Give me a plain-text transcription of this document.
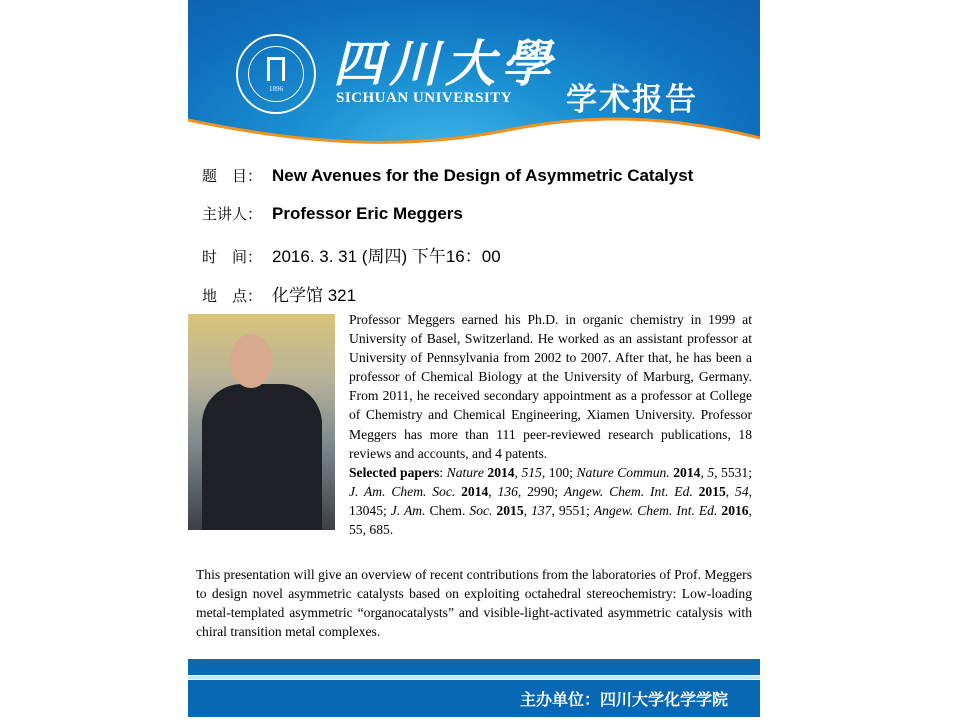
1896	四川大學
SICHUAN UNIVERSITY 学术报告
题　目： New Avenues for the Design of Asymmetric Catalyst
主讲人： Professor Eric Meggers
时　间： 2016. 3. 31 (周四) 下午16：00
地　点： 化学馆 321
Professor Meggers earned his Ph.D. in organic chemistry in 1999 at University of Basel, Switzerland. He worked as an assistant professor at University of Pennsylvania from 2002 to 2007. After that, he has been a professor of Chemical Biology at the University of Marburg, Germany. From 2011, he received secondary appointment as a professor at College of Chemistry and Chemical Engineering, Xiamen University. Professor Meggers has more than 111 peer-reviewed research publications, 18 reviews and accounts, and 4 patents.
Selected papers: Nature 2014, 515, 100; Nature Commun. 2014, 5, 5531; J. Am. Chem. Soc. 2014, 136, 2990; Angew. Chem. Int. Ed. 2015, 54, 13045; J. Am. Chem. Soc. 2015, 137, 9551; Angew. Chem. Int. Ed. 2016, 55, 685.
This presentation will give an overview of recent contributions from the laboratories of Prof. Meggers to design novel asymmetric catalysts based on exploiting octahedral stereochemistry: Low-loading metal-templated asymmetric “organocatalysts” and visible-light-activated asymmetric catalysis with chiral transition metal complexes.
主办单位：四川大学化学学院
